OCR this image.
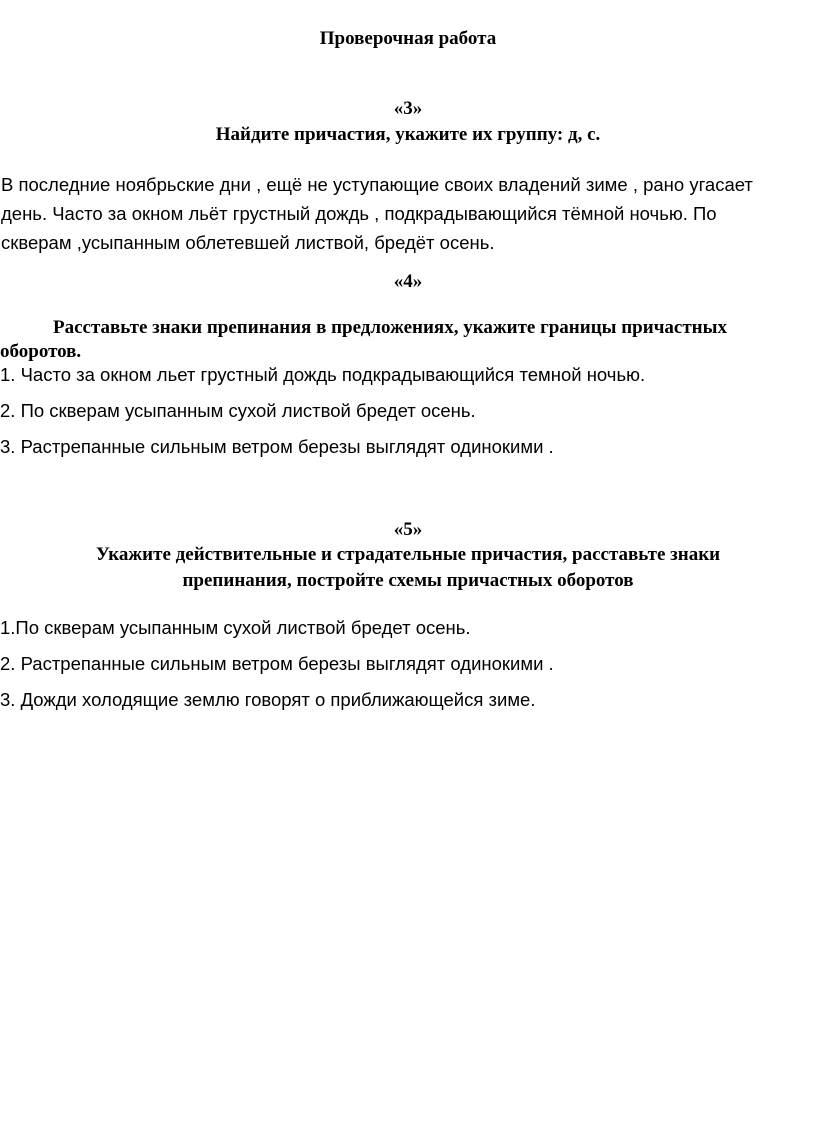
Проверочная работа
«3»
Найдите причастия, укажите их группу: д, с.
В последние ноябрьские дни , ещё не уступающие своих владений зиме , рано угасает
день. Часто за окном льёт грустный дождь , подкрадывающийся тёмной ночью. По
скверам ,усыпанным облетевшей листвой, бредёт осень.
«4»
Расставьте знаки препинания в предложениях, укажите границы причастных
оборотов.
1. Часто за окном льет грустный дождь подкрадывающийся темной ночью.
2. По скверам усыпанным сухой листвой бредет осень.
3. Растрепанные сильным ветром березы выглядят одинокими .
«5»
Укажите действительные и страдательные причастия, расставьте знаки
препинания, постройте схемы причастных оборотов
1.По скверам усыпанным сухой листвой бредет осень.
2. Растрепанные сильным ветром березы выглядят одинокими .
3. Дожди холодящие землю говорят о приближающейся зиме.
